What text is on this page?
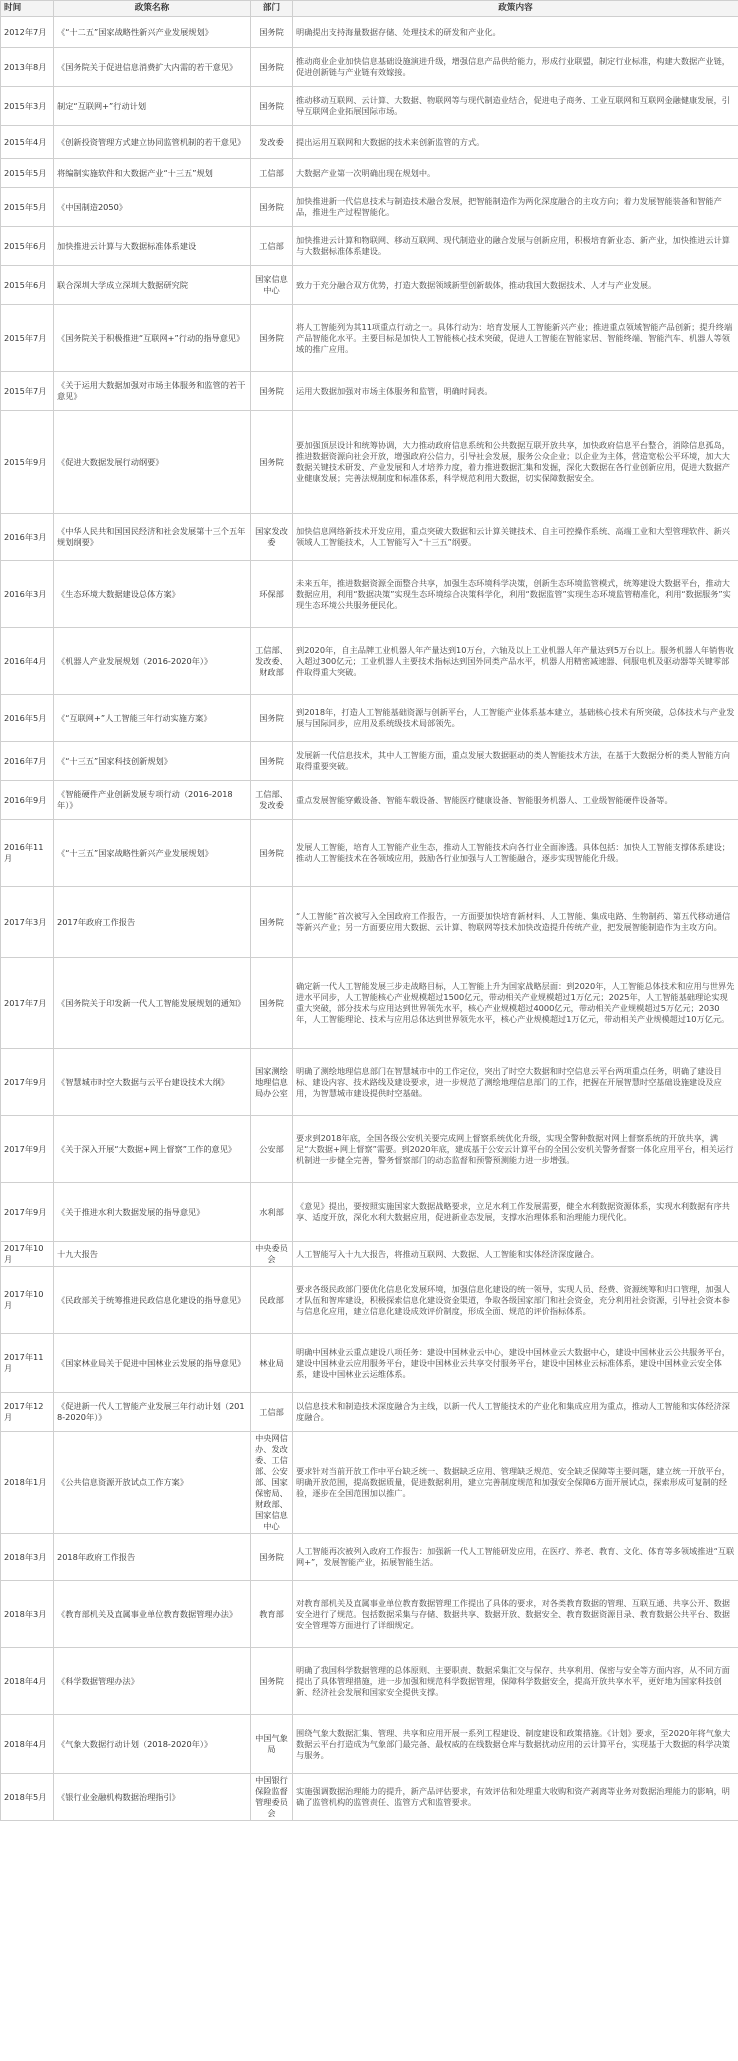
时间	政策名称	部门	政策内容
2012年7月	《“十二五”国家战略性新兴产业发展规划》	国务院	明确提出支持海量数据存储、处理技术的研发和产业化。
2013年8月	《国务院关于促进信息消费扩大内需的若干意见》	国务院	推动商业企业加快信息基础设施演进升级，增强信息产品供给能力，形成行业联盟，制定行业标准，构建大数据产业链，促进创新链与产业链有效嫁接。
2015年3月	制定“互联网+”行动计划	国务院	推动移动互联网、云计算、大数据、物联网等与现代制造业结合，促进电子商务、工业互联网和互联网金融健康发展，引导互联网企业拓展国际市场。
2015年4月	《创新投资管理方式建立协同监管机制的若干意见》	发改委	提出运用互联网和大数据的技术来创新监管的方式。
2015年5月	将编制实施软件和大数据产业“十三五”规划	工信部	大数据产业第一次明确出现在规划中。
2015年5月	《中国制造2050》	国务院	加快推进新一代信息技术与制造技术融合发展，把智能制造作为两化深度融合的主攻方向；着力发展智能装备和智能产品，推进生产过程智能化。
2015年6月	加快推进云计算与大数据标准体系建设	工信部	加快推进云计算和物联网、移动互联网、现代制造业的融合发展与创新应用，积极培育新业态、新产业，加快推进云计算与大数据标准体系建设。
2015年6月	联合深圳大学成立深圳大数据研究院	国家信息中心	致力于充分融合双方优势，打造大数据领域新型创新载体，推动我国大数据技术、人才与产业发展。
2015年7月	《国务院关于积极推进“互联网+”行动的指导意见》	国务院	将人工智能列为其11项重点行动之一。具体行动为：培育发展人工智能新兴产业；推进重点领域智能产品创新；提升终端产品智能化水平。主要目标是加快人工智能核心技术突破，促进人工智能在智能家居、智能终端、智能汽车、机器人等领域的推广应用。
2015年7月	《关于运用大数据加强对市场主体服务和监管的若干意见》	国务院	运用大数据加强对市场主体服务和监管，明确时间表。
2015年9月	《促进大数据发展行动纲要》	国务院	要加强顶层设计和统筹协调，大力推动政府信息系统和公共数据互联开放共享，加快政府信息平台整合，消除信息孤岛，推进数据资源向社会开放，增强政府公信力，引导社会发展，服务公众企业；以企业为主体，营造宽松公平环境，加大大数据关键技术研发、产业发展和人才培养力度，着力推进数据汇集和发掘，深化大数据在各行业创新应用，促进大数据产业健康发展；完善法规制度和标准体系，科学规范利用大数据，切实保障数据安全。
2016年3月	《中华人民共和国国民经济和社会发展第十三个五年规划纲要》	国家发改委	加快信息网络新技术开发应用，重点突破大数据和云计算关键技术、自主可控操作系统、高端工业和大型管理软件、新兴领域人工智能技术，人工智能写入“十三五”纲要。
2016年3月	《生态环境大数据建设总体方案》	环保部	未来五年，推进数据资源全面整合共享，加强生态环境科学决策，创新生态环境监管模式，统筹建设大数据平台，推动大数据应用，利用“数据决策”实现生态环境综合决策科学化，利用“数据监管”实现生态环境监管精准化，利用“数据服务”实现生态环境公共服务便民化。
2016年4月	《机器人产业发展规划（2016-2020年）》	工信部、发改委、财政部	到2020年，自主品牌工业机器人年产量达到10万台，六轴及以上工业机器人年产量达到5万台以上。服务机器人年销售收入超过300亿元；工业机器人主要技术指标达到国外同类产品水平，机器人用精密减速器、伺服电机及驱动器等关键零部件取得重大突破。
2016年5月	《“互联网+”人工智能三年行动实施方案》	国务院	到2018年，打造人工智能基础资源与创新平台，人工智能产业体系基本建立，基础核心技术有所突破，总体技术与产业发展与国际同步，应用及系统级技术局部领先。
2016年7月	《“十三五”国家科技创新规划》	国务院	发展新一代信息技术，其中人工智能方面，重点发展大数据驱动的类人智能技术方法，在基于大数据分析的类人智能方向取得重要突破。
2016年9月	《智能硬件产业创新发展专项行动（2016-2018年）》	工信部、发改委	重点发展智能穿戴设备、智能车载设备、智能医疗健康设备、智能服务机器人、工业级智能硬件设备等。
2016年11月	《“十三五”国家战略性新兴产业发展规划》	国务院	发展人工智能，培育人工智能产业生态，推动人工智能技术向各行业全面渗透。具体包括：加快人工智能支撑体系建设；推动人工智能技术在各领域应用，鼓励各行业加强与人工智能融合，逐步实现智能化升级。
2017年3月	2017年政府工作报告	国务院	“人工智能”首次被写入全国政府工作报告，一方面要加快培育新材料、人工智能、集成电路、生物制药、第五代移动通信等新兴产业；另一方面要应用大数据、云计算、物联网等技术加快改造提升传统产业，把发展智能制造作为主攻方向。
2017年7月	《国务院关于印发新一代人工智能发展规划的通知》	国务院	确定新一代人工智能发展三步走战略目标，人工智能上升为国家战略层面：到2020年，人工智能总体技术和应用与世界先进水平同步，人工智能核心产业规模超过1500亿元，带动相关产业规模超过1万亿元；2025年，人工智能基础理论实现重大突破，部分技术与应用达到世界领先水平，核心产业规模超过4000亿元，带动相关产业规模超过5万亿元；2030年，人工智能理论、技术与应用总体达到世界领先水平，核心产业规模超过1万亿元，带动相关产业规模超过10万亿元。
2017年9月	《智慧城市时空大数据与云平台建设技术大纲》	国家测绘地理信息局办公室	明确了测绘地理信息部门在智慧城市中的工作定位，突出了时空大数据和时空信息云平台两项重点任务，明确了建设目标、建设内容、技术路线及建设要求，进一步规范了测绘地理信息部门的工作，把握在开展智慧时空基础设施建设及应用，为智慧城市建设提供时空基础。
2017年9月	《关于深入开展“大数据+网上督察”工作的意见》	公安部	要求到2018年底，全国各级公安机关要完成网上督察系统优化升级，实现全警种数据对网上督察系统的开放共享，满足“大数据+网上督察”需要。到2020年底，建成基于公安云计算平台的全国公安机关警务督察一体化应用平台，相关运行机制进一步健全完善，警务督察部门的动态监督和预警预测能力进一步增强。
2017年9月	《关于推进水利大数据发展的指导意见》	水利部	《意见》提出，要按照实施国家大数据战略要求，立足水利工作发展需要，健全水利数据资源体系，实现水利数据有序共享、适度开放，深化水利大数据应用，促进新业态发展，支撑水治理体系和治理能力现代化。
2017年10月	十九大报告	中央委员会	人工智能写入十九大报告，将推动互联网、大数据、人工智能和实体经济深度融合。
2017年10月	《民政部关于统筹推进民政信息化建设的指导意见》	民政部	要求各级民政部门要优化信息化发展环境，加强信息化建设的统一领导，实现人员、经费、资源统筹和归口管理，加强人才队伍和智库建设，积极探索信息化建设资金渠道，争取各级国家部门和社会资金，充分利用社会资源，引导社会资本参与信息化应用，建立信息化建设成效评价制度，形成全面、规范的评价指标体系。
2017年11月	《国家林业局关于促进中国林业云发展的指导意见》	林业局	明确中国林业云重点建设八项任务：建设中国林业云中心，建设中国林业云大数据中心，建设中国林业云公共服务平台，建设中国林业云应用服务平台，建设中国林业云共享交付服务平台，建设中国林业云标准体系，建设中国林业云安全体系，建设中国林业云运维体系。
2017年12月	《促进新一代人工智能产业发展三年行动计划（2018-2020年）》	工信部	以信息技术和制造技术深度融合为主线，以新一代人工智能技术的产业化和集成应用为重点，推动人工智能和实体经济深度融合。
2018年1月	《公共信息资源开放试点工作方案》	中央网信办、发改委、工信部、公安部、国家保密局、财政部、国家信息中心	要求针对当前开放工作中平台缺乏统一、数据缺乏应用、管理缺乏规范、安全缺乏保障等主要问题，建立统一开放平台，明确开放范围，提高数据质量，促进数据利用，建立完善制度规范和加强安全保障6方面开展试点，探索形成可复制的经验，逐步在全国范围加以推广。
2018年3月	2018年政府工作报告	国务院	人工智能再次被列入政府工作报告：加强新一代人工智能研发应用，在医疗、养老、教育、文化、体育等多领域推进“互联网+”，发展智能产业，拓展智能生活。
2018年3月	《教育部机关及直属事业单位教育数据管理办法》	教育部	对教育部机关及直属事业单位教育数据管理工作提出了具体的要求，对各类教育数据的管理、互联互通、共享公开、数据安全进行了规范。包括数据采集与存储、数据共享、数据开放、数据安全、教育数据资源目录、教育数据公共平台、数据安全管理等方面进行了详细规定。
2018年4月	《科学数据管理办法》	国务院	明确了我国科学数据管理的总体原则、主要职责、数据采集汇交与保存、共享利用、保密与安全等方面内容，从不同方面提出了具体管理措施，进一步加强和规范科学数据管理，保障科学数据安全，提高开放共享水平，更好地为国家科技创新、经济社会发展和国家安全提供支撑。
2018年4月	《气象大数据行动计划（2018-2020年）》	中国气象局	围绕气象大数据汇集、管理、共享和应用开展一系列工程建设、制度建设和政策措施。《计划》要求，至2020年将气象大数据云平台打造成为气象部门最完备、最权威的在线数据仓库与数据扰动应用的云计算平台，实现基于大数据的科学决策与服务。
2018年5月	《银行业金融机构数据治理指引》	中国银行保险监督管理委员会	实施强调数据治理能力的提升，新产品评估要求，有效评估和处理重大收购和资产剥离等业务对数据治理能力的影响，明确了监管机构的监管责任、监管方式和监管要求。
